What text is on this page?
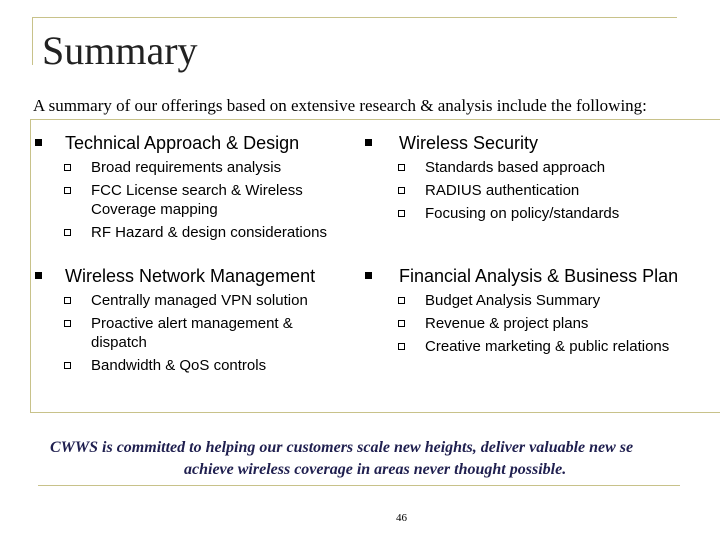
Summary

A summary of our offerings based on extensive research & analysis include the following:

Technical Approach & Design
Broad requirements analysis
FCC License search & Wireless Coverage mapping
RF Hazard & design considerations
Wireless Security
Standards based approach
RADIUS authentication
Focusing on policy/standards
Wireless Network Management
Centrally managed VPN solution
Proactive alert management & dispatch
Bandwidth & QoS controls
Financial Analysis & Business Plan
Budget Analysis Summary
Revenue & project plans
Creative marketing & public relations

CWWS is committed to helping our customers scale new heights, deliver valuable new se
achieve wireless coverage in areas never thought possible.

46
